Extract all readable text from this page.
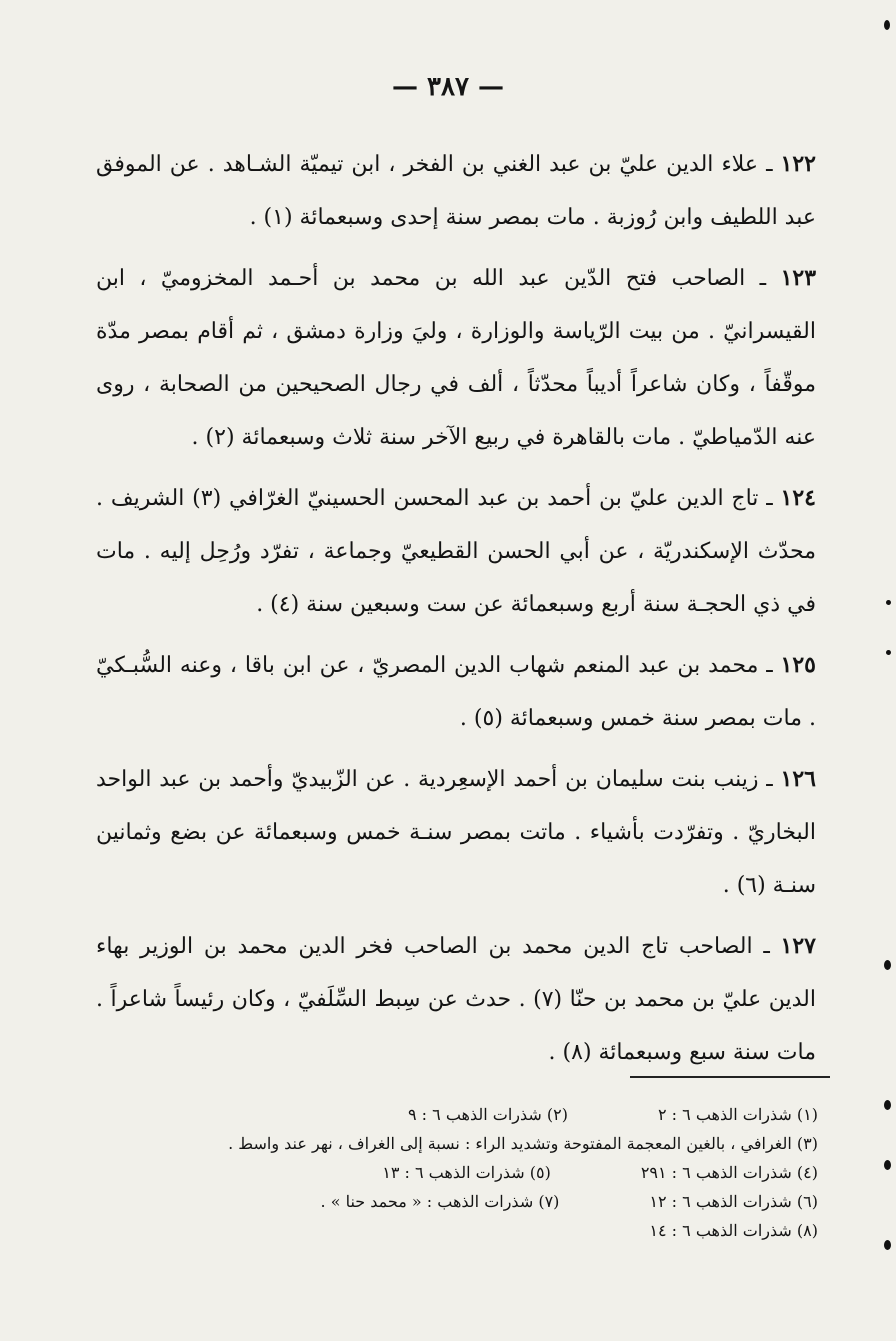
— ٣٨٧ —

١٢٢ ـ علاء الدين عليّ بن عبد الغني بن الفخر ، ابن تيميّة الشـاهد . عن الموفق عبد اللطيف وابن رُوزبة . مات بمصر سنة إحدى وسبعمائة (١) .

١٢٣ ـ الصاحب فتح الدّين عبد الله بن محمد بن أحـمد المخزوميّ ، ابن القيسرانيّ . من بيت الرّياسة والوزارة ، وليَ وزارة دمشق ، ثم أقام بمصر مدّة موقّفاً ، وكان شاعراً أديباً محدّثاً ، ألف في رجال الصحيحين من الصحابة ، روى عنه الدّمياطيّ . مات بالقاهرة في ربيع الآخر سنة ثلاث وسبعمائة (٢) .

١٢٤ ـ تاج الدين عليّ بن أحمد بن عبد المحسن الحسينيّ الغرّافي (٣) الشريف . محدّث الإسكندريّة ، عن أبي الحسن القطيعيّ وجماعة ، تفرّد ورُحِل إليه . مات في ذي الحجـة سنة أربع وسبعمائة عن ست وسبعين سنة (٤) .

١٢٥ ـ محمد بن عبد المنعم شهاب الدين المصريّ ، عن ابن باقا ، وعنه السُّبـكيّ . مات بمصر سنة خمس وسبعمائة (٥) .

١٢٦ ـ زينب بنت سليمان بن أحمد الإسعِردية . عن الزّبيديّ وأحمد بن عبد الواحد البخاريّ . وتفرّدت بأشياء . ماتت بمصر سنـة خمس وسبعمائة عن بضع وثمانين سنـة (٦) .

١٢٧ ـ الصاحب تاج الدين محمد بن الصاحب فخر الدين محمد بن الوزير بهاء الدين عليّ بن محمد بن حنّا (٧) . حدث عن سِبط السِّلَفيّ ، وكان رئيساً شاعراً . مات سنة سبع وسبعمائة (٨) .

(١) شذرات الذهب ٦ : ٢
(٢) شذرات الذهب ٦ : ٩
(٣) الغرافي ، بالغين المعجمة المفتوحة وتشديد الراء : نسبة إلى الغراف ، نهر عند واسط .
(٤) شذرات الذهب ٦ : ٢٩١
(٥) شذرات الذهب ٦ : ١٣
(٦) شذرات الذهب ٦ : ١٢
(٧) شذرات الذهب : « محمد حنا » .
(٨) شذرات الذهب ٦ : ١٤
